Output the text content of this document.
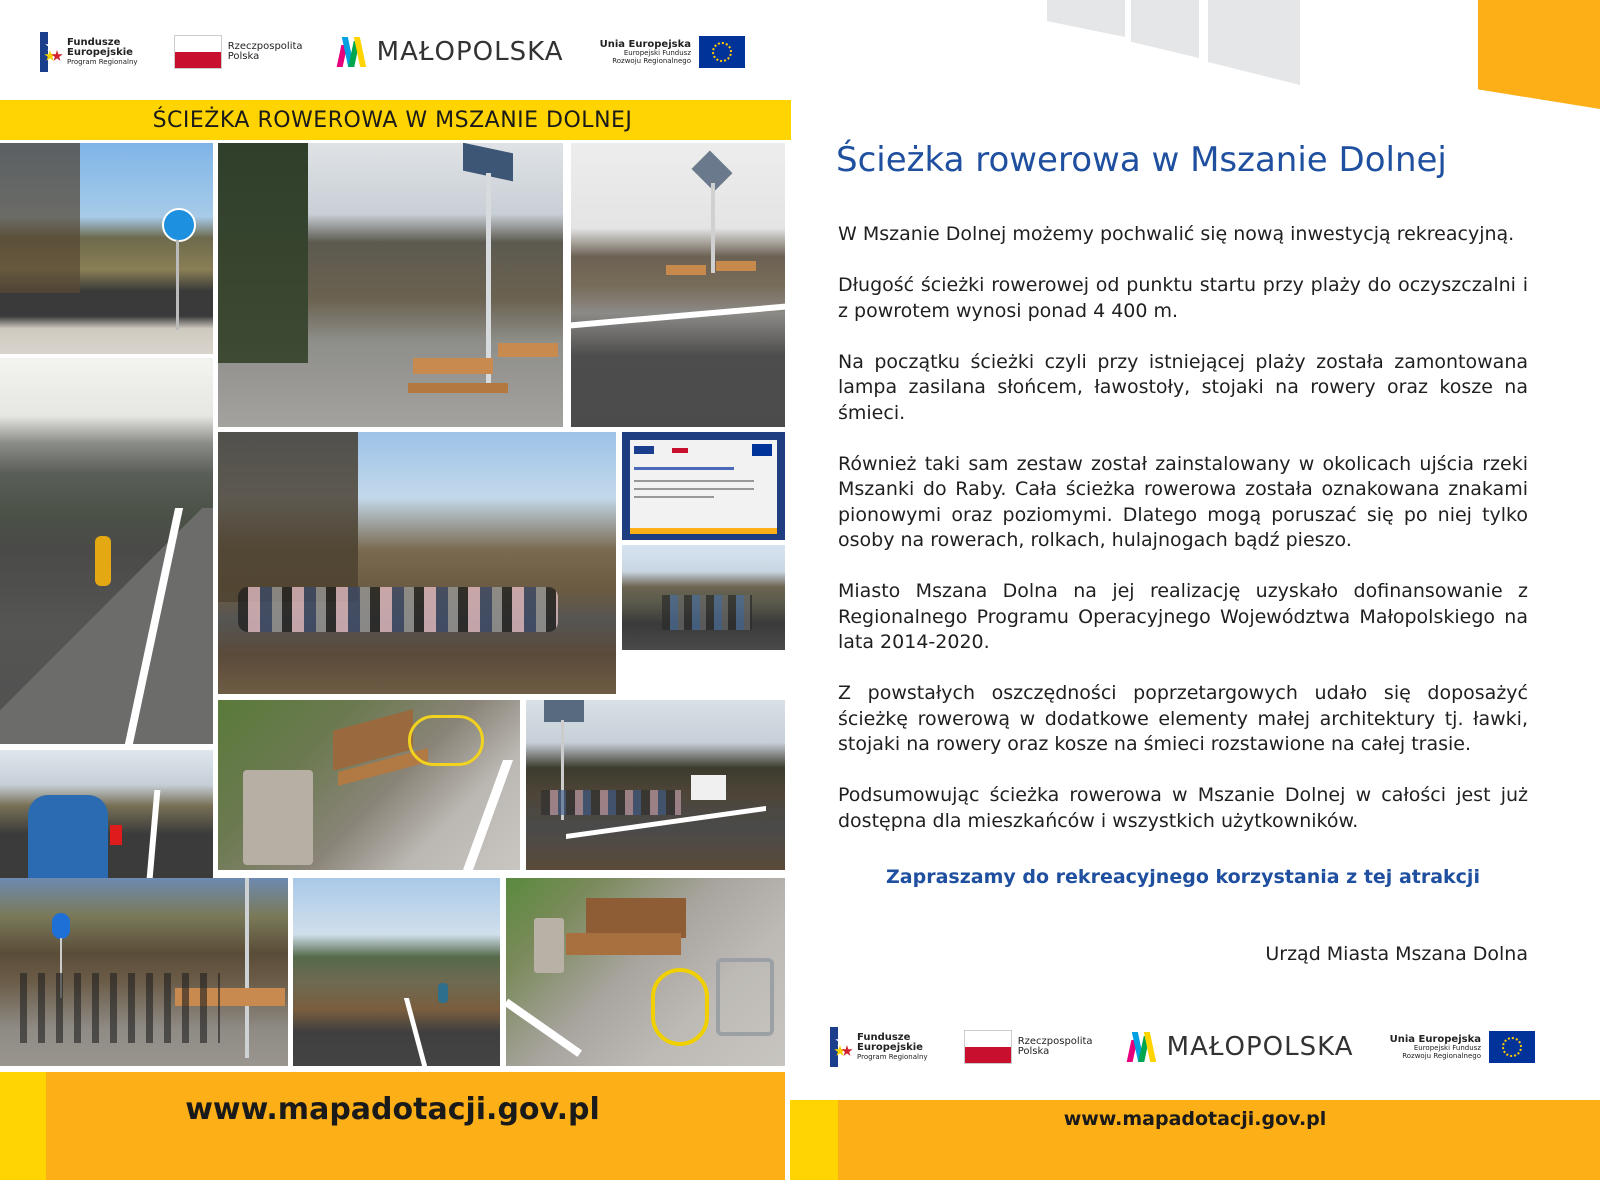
Fundusze
Europejskie
Program Regionalny
Rzeczpospolita
Polska	MAŁOPOLSKA	Unia Europejska
Europejski Fundusz
Rozwoju Regionalnego
ŚCIEŻKA ROWEROWA W MSZANIE DOLNEJ
www.mapadotacji.gov.pl
Ścieżka rowerowa w Mszanie Dolnej

W Mszanie Dolnej możemy pochwalić się nową inwestycją rekreacyjną.

Długość ścieżki rowerowej od punktu startu przy plaży do oczyszczalni i z powrotem wynosi ponad 4 400 m.

Na początku ścieżki czyli przy istniejącej plaży została zamontowana lampa zasilana słońcem, ławostoły, stojaki na rowery oraz kosze na śmieci.

Również taki sam zestaw został zainstalowany w okolicach ujścia rzeki Mszanki do Raby. Cała ścieżka rowerowa została oznakowana znakami pionowymi oraz poziomymi. Dlatego mogą poruszać się po niej tylko osoby na rowerach, rolkach, hulajnogach bądź pieszo.

Miasto Mszana Dolna na jej realizację uzyskało dofinansowanie z Regionalnego Programu Operacyjnego Województwa Małopolskiego na lata 2014-2020.

Z powstałych oszczędności poprzetargowych udało się doposażyć ścieżkę rowerową w dodatkowe elementy małej architektury tj. ławki, stojaki na rowery oraz kosze na śmieci rozstawione na całej trasie.

Podsumowując ścieżka rowerowa w Mszanie Dolnej w całości jest już dostępna dla mieszkańców i wszystkich użytkowników.

Zapraszamy do rekreacyjnego korzystania z tej atrakcji
Urząd Miasta Mszana Dolna
Fundusze
Europejskie
Program Regionalny
Rzeczpospolita
Polska	MAŁOPOLSKA	Unia Europejska
Europejski Fundusz
Rozwoju Regionalnego
www.mapadotacji.gov.pl
